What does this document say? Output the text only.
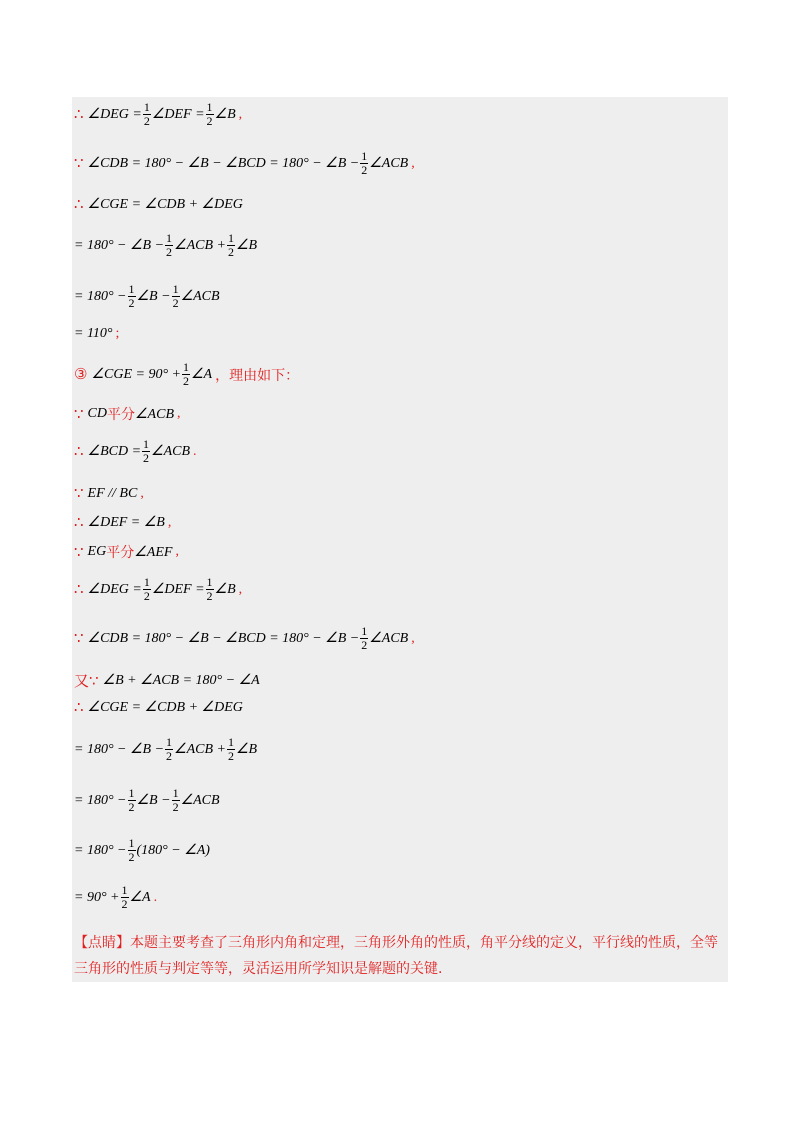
∴ ∠DEG = $\frac{1}{2}$ ∠DEF = $\frac{1}{2}$ ∠B ,
∵ ∠CDB = 180° − ∠B − ∠BCD = 180° − ∠B − $\frac{1}{2}$ ∠ACB ,
∴ ∠CGE = ∠CDB + ∠DEG
= 180° − ∠B − $\frac{1}{2}$ ∠ACB + $\frac{1}{2}$ ∠B
= $180^\circ - \frac{1}{2}$ ∠B − $\frac{1}{2}$ ∠ACB
= 110° ;
③ ∠CGE = $90^\circ + \frac{1}{2}$ ∠A ，理由如下：
∵ CD 平分 ∠ACB ,
∴ ∠BCD = $\frac{1}{2}$ ∠ACB .
∵ EF // BC ,
∴ ∠DEF = ∠B ,
∵ EG 平分 ∠AEF ,
∴ ∠DEG = $\frac{1}{2}$ ∠DEF = $\frac{1}{2}$ ∠B ,
∵ ∠CDB = 180° − ∠B − ∠BCD = 180° − ∠B − $\frac{1}{2}$ ∠ACB ,
又∵ ∠B + ∠ACB = 180° − ∠A
∴ ∠CGE = ∠CDB + ∠DEG
= 180° − ∠B − $\frac{1}{2}$ ∠ACB + $\frac{1}{2}$ ∠B
= $180^\circ - \frac{1}{2}$ ∠B − $\frac{1}{2}$ ∠ACB
= $180^\circ - \frac{1}{2} (180^\circ$ − ∠A)
= $90^\circ + \frac{1}{2}$ ∠A .
【点睛】本题主要考查了三角形内角和定理，三角形外角的性质，角平分线的定义，平行线的性质，全等三角形的性质与判定等等，灵活运用所学知识是解题的关键.
